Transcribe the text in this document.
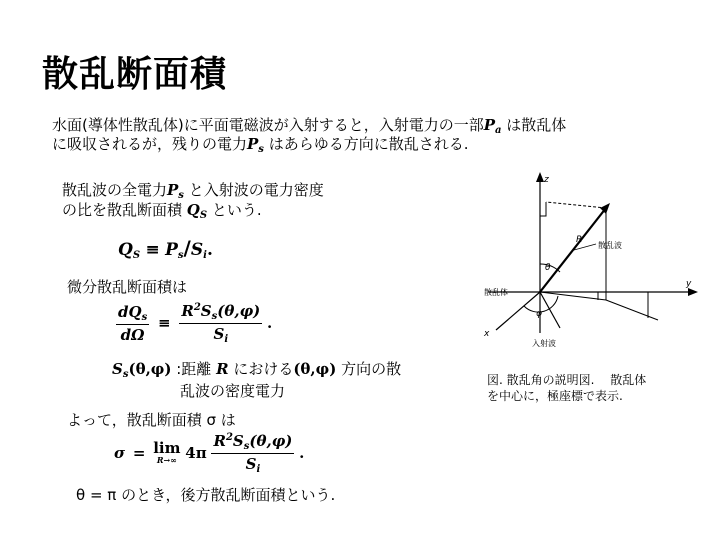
散乱断面積
水面(導体性散乱体)に平面電磁波が入射すると，入射電力の一部$P_a$ は散乱体
に吸収されるが，残りの電力$P_s$ はあらゆる方向に散乱される.
散乱波の全電力$P_s$ と入射波の電力密度
の比を散乱断面積 $Q_S$ という.
$Q_S \equiv P_s/S_i$.
微分散乱断面積は
$\frac{dQ_s}{d\Omega} \equiv \frac{R^2S_s(\theta,\varphi)}{S_i}$ .
$S_s(\theta,\varphi)$ :距離 R における(θ,φ) 方向の散
乱波の密度電力
よって，散乱断面積 σ は
σ = lim
R→∞ $4\pi \frac{R^2S_s(\theta,\varphi)}{S_i}$ .
θ = π のとき，後方散乱断面積という.
散乱波
散乱体
入射波
R
θ
φ
y
x
z
図. 散乱角の説明図.　 散乱体を中心に，極座標で表示.
